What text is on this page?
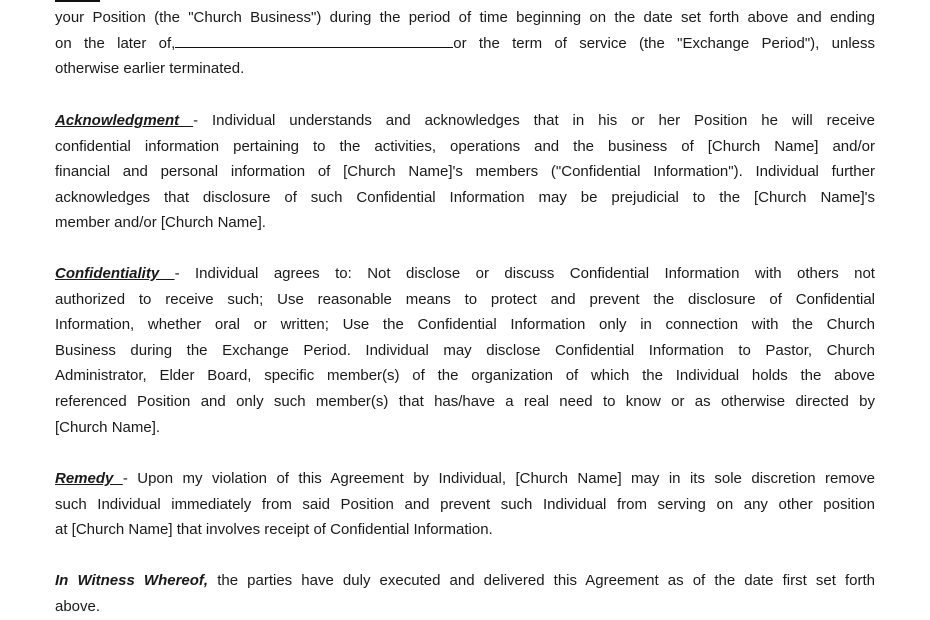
your Position (the "Church Business") during the period of time beginning on the date set forth above and ending
on the later of,	or the term of service (the "Exchange Period"), unless
otherwise earlier terminated.
Acknowledgment - Individual understands and acknowledges that in his or her Position he will receive
confidential information pertaining to the activities, operations and the business of [Church Name] and/or
financial and personal information of [Church Name]'s members ("Confidential Information"). Individual further
acknowledges that disclosure of such Confidential Information may be prejudicial to the [Church Name]'s
member and/or [Church Name].
Confidentiality - Individual agrees to: Not disclose or discuss Confidential Information with others not
authorized to receive such; Use reasonable means to protect and prevent the disclosure of Confidential
Information, whether oral or written; Use the Confidential Information only in connection with the Church
Business during the Exchange Period. Individual may disclose Confidential Information to Pastor, Church
Administrator, Elder Board, specific member(s) of the organization of which the Individual holds the above
referenced Position and only such member(s) that has/have a real need to know or as otherwise directed by
[Church Name].
Remedy - Upon my violation of this Agreement by Individual, [Church Name] may in its sole discretion remove
such Individual immediately from said Position and prevent such Individual from serving on any other position
at [Church Name] that involves receipt of Confidential Information.
In Witness Whereof, the parties have duly executed and delivered this Agreement as of the date first set forth
above.
